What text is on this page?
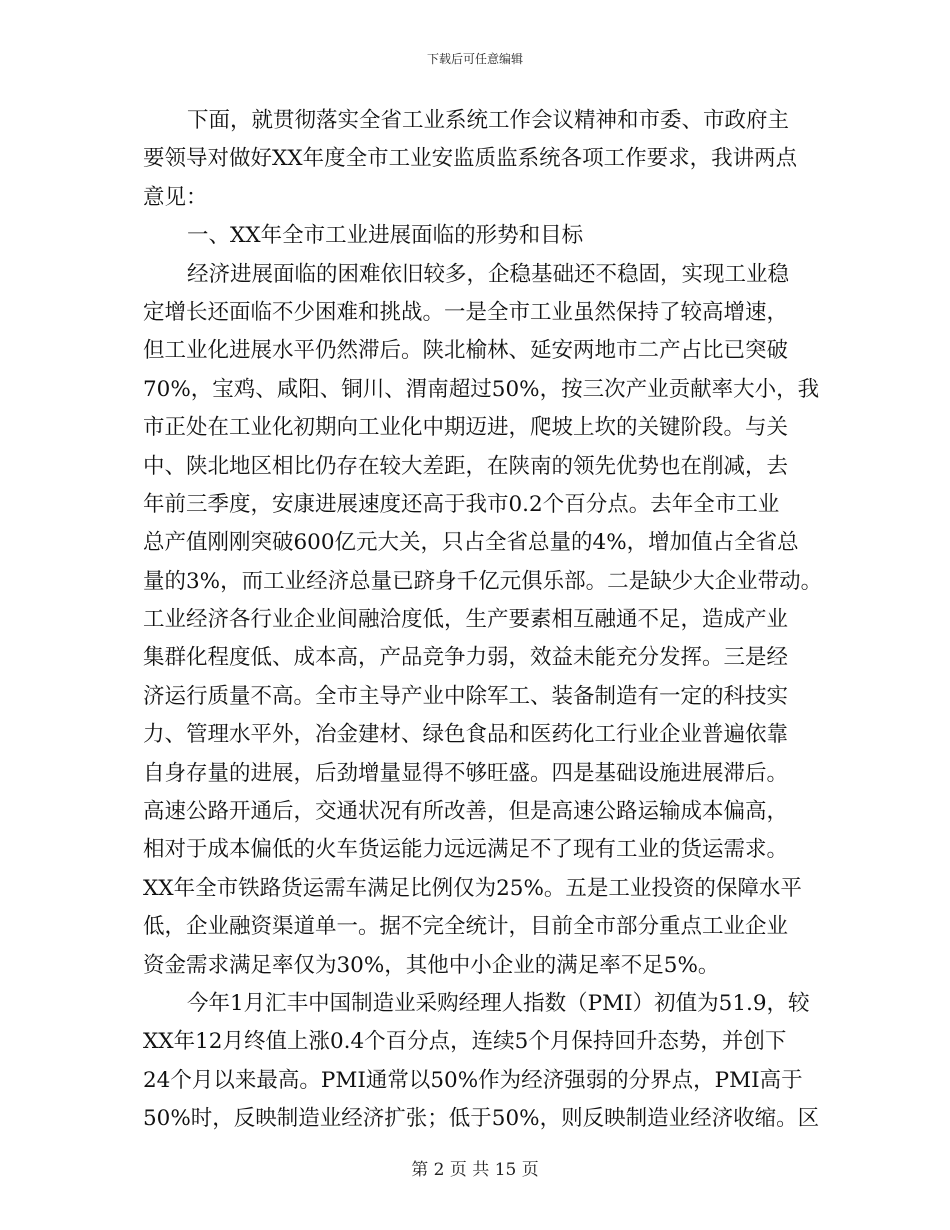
下载后可任意编辑
下面，就贯彻落实全省工业系统工作会议精神和市委、市政府主
要领导对做好XX年度全市工业安监质监系统各项工作要求，我讲两点
意见：
一、XX年全市工业进展面临的形势和目标
经济进展面临的困难依旧较多，企稳基础还不稳固，实现工业稳
定增长还面临不少困难和挑战。一是全市工业虽然保持了较高增速，
但工业化进展水平仍然滞后。陕北榆林、延安两地市二产占比已突破
70%，宝鸡、咸阳、铜川、渭南超过50%，按三次产业贡献率大小，我
市正处在工业化初期向工业化中期迈进，爬坡上坎的关键阶段。与关
中、陕北地区相比仍存在较大差距，在陕南的领先优势也在削减，去
年前三季度，安康进展速度还高于我市0.2个百分点。去年全市工业
总产值刚刚突破600亿元大关，只占全省总量的4%，增加值占全省总
量的3%，而工业经济总量已跻身千亿元俱乐部。二是缺少大企业带动。
工业经济各行业企业间融洽度低，生产要素相互融通不足，造成产业
集群化程度低、成本高，产品竞争力弱，效益未能充分发挥。三是经
济运行质量不高。全市主导产业中除军工、装备制造有一定的科技实
力、管理水平外，冶金建材、绿色食品和医药化工行业企业普遍依靠
自身存量的进展，后劲增量显得不够旺盛。四是基础设施进展滞后。
高速公路开通后，交通状况有所改善，但是高速公路运输成本偏高，
相对于成本偏低的火车货运能力远远满足不了现有工业的货运需求。
XX年全市铁路货运需车满足比例仅为25%。五是工业投资的保障水平
低，企业融资渠道单一。据不完全统计，目前全市部分重点工业企业
资金需求满足率仅为30%，其他中小企业的满足率不足5%。
今年1月汇丰中国制造业采购经理人指数（PMI）初值为51.9，较
XX年12月终值上涨0.4个百分点，连续5个月保持回升态势，并创下
24个月以来最高。PMI通常以50%作为经济强弱的分界点，PMI高于
50%时，反映制造业经济扩张；低于50%，则反映制造业经济收缩。区
第 2 页 共 15 页
